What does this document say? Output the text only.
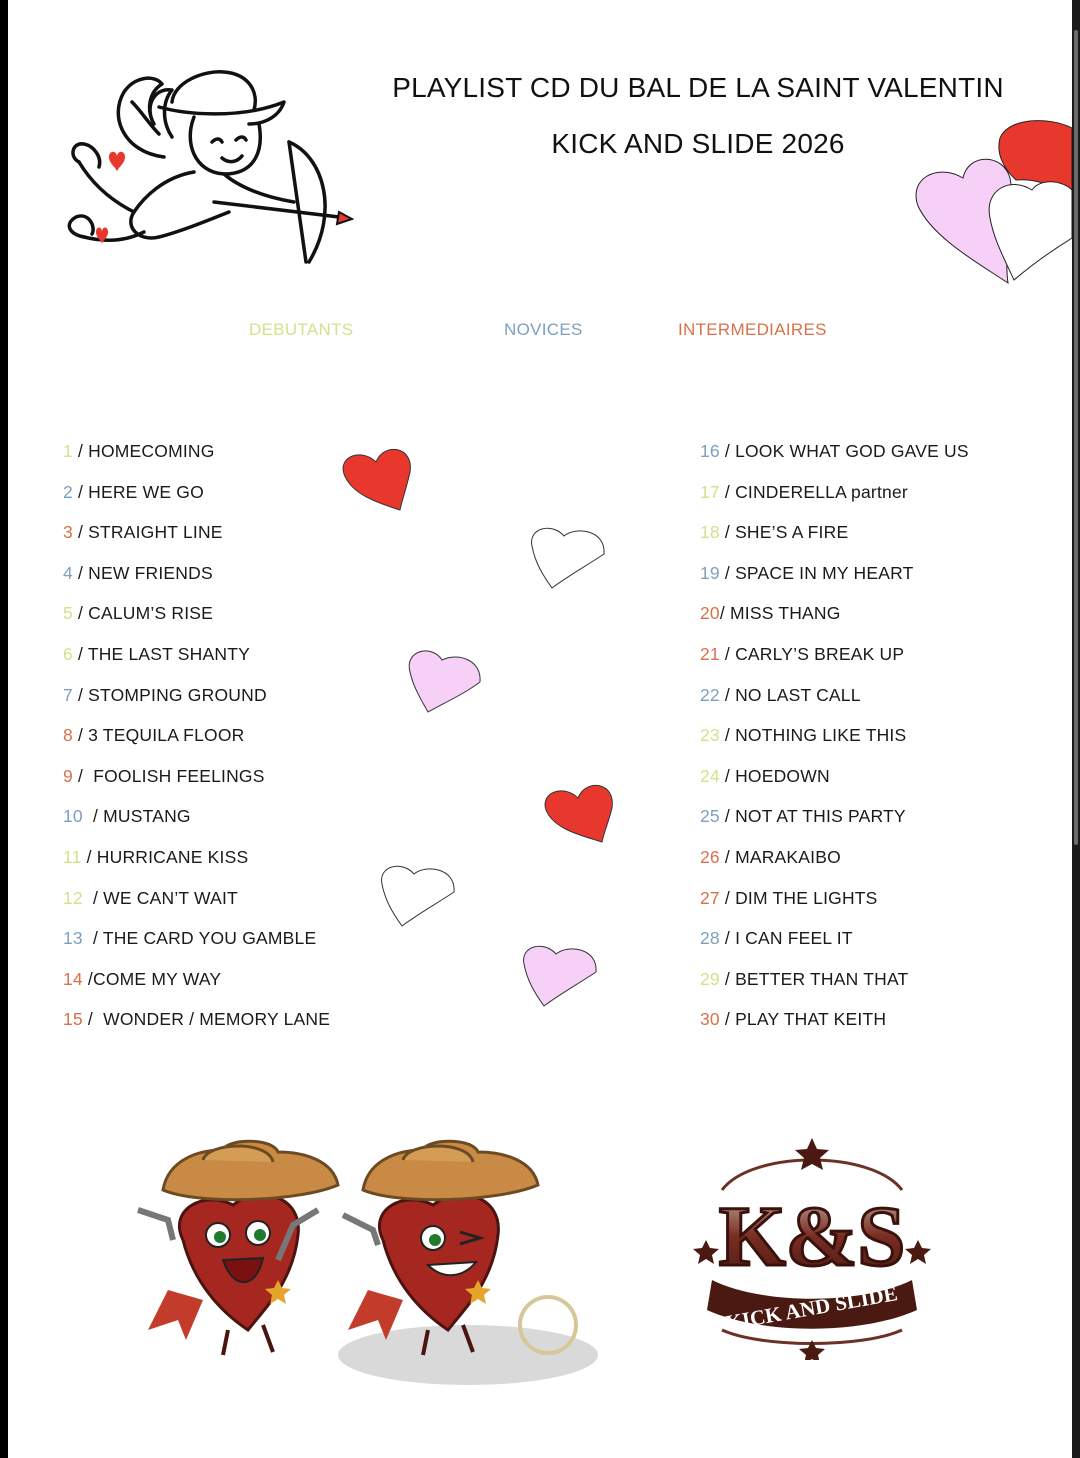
PLAYLIST CD DU BAL DE LA SAINT VALENTIN
KICK AND SLIDE 2026
DEBUTANTS	NOVICES	INTERMEDIAIRES
1 / HOMECOMING
2 / HERE WE GO
3 / STRAIGHT LINE
4 / NEW FRIENDS
5 / CALUM’S RISE
6 / THE LAST SHANTY
7 / STOMPING GROUND
8 / 3 TEQUILA FLOOR
9 /  FOOLISH FEELINGS
10  / MUSTANG
11 / HURRICANE KISS
12  / WE CAN’T WAIT
13  / THE CARD YOU GAMBLE
14 /COME MY WAY
15 /  WONDER / MEMORY LANE
16 / LOOK WHAT GOD GAVE US
17 / CINDERELLA partner
18 / SHE’S A FIRE
19 / SPACE IN MY HEART
20/ MISS THANG
21 / CARLY’S BREAK UP
22 / NO LAST CALL
23 / NOTHING LIKE THIS
24 / HOEDOWN
25 / NOT AT THIS PARTY
26 / MARAKAIBO
27 / DIM THE LIGHTS
28 / I CAN FEEL IT
29 / BETTER THAN THAT
30 / PLAY THAT KEITH
K&S
KICK AND SLIDE
